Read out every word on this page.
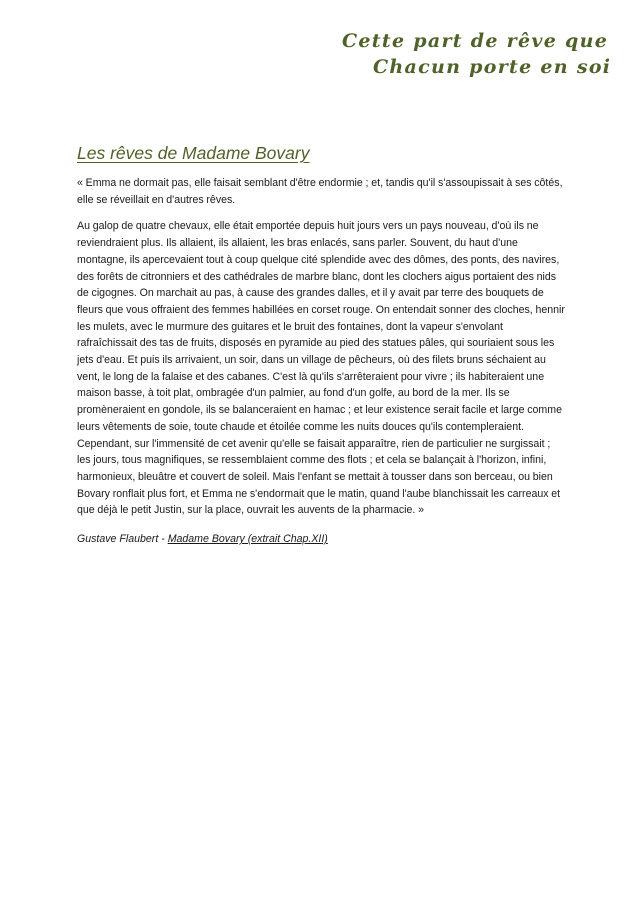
Cette part de rêve que
Chacun porte en soi
Les rêves de Madame Bovary

« Emma ne dormait pas, elle faisait semblant d'être endormie ; et, tandis qu'il s'assoupissait à ses côtés, elle se réveillait en d'autres rêves.

Au galop de quatre chevaux, elle était emportée depuis huit jours vers un pays nouveau, d'où ils ne reviendraient plus. Ils allaient, ils allaient, les bras enlacés, sans parler. Souvent, du haut d'une montagne, ils apercevaient tout à coup quelque cité splendide avec des dômes, des ponts, des navires, des forêts de citronniers et des cathédrales de marbre blanc, dont les clochers aigus portaient des nids de cigognes. On marchait au pas, à cause des grandes dalles, et il y avait par terre des bouquets de fleurs que vous offraient des femmes habillées en corset rouge. On entendait sonner des cloches, hennir les mulets, avec le murmure des guitares et le bruit des fontaines, dont la vapeur s'envolant rafraîchissait des tas de fruits, disposés en pyramide au pied des statues pâles, qui souriaient sous les jets d'eau. Et puis ils arrivaient, un soir, dans un village de pêcheurs, où des filets bruns séchaient au vent, le long de la falaise et des cabanes. C'est là qu'ils s'arrêteraient pour vivre ; ils habiteraient une maison basse, à toit plat, ombragée d'un palmier, au fond d'un golfe, au bord de la mer. Ils se promèneraient en gondole, ils se balanceraient en hamac ; et leur existence serait facile et large comme leurs vêtements de soie, toute chaude et étoilée comme les nuits douces qu'ils contempleraient. Cependant, sur l'immensité de cet avenir qu'elle se faisait apparaître, rien de particulier ne surgissait ; les jours, tous magnifiques, se ressemblaient comme des flots ; et cela se balançait à l'horizon, infini, harmonieux, bleuâtre et couvert de soleil. Mais l'enfant se mettait à tousser dans son berceau, ou bien Bovary ronflait plus fort, et Emma ne s'endormait que le matin, quand l'aube blanchissait les carreaux et que déjà le petit Justin, sur la place, ouvrait les auvents de la pharmacie. »

Gustave Flaubert - Madame Bovary (extrait Chap.XII)
